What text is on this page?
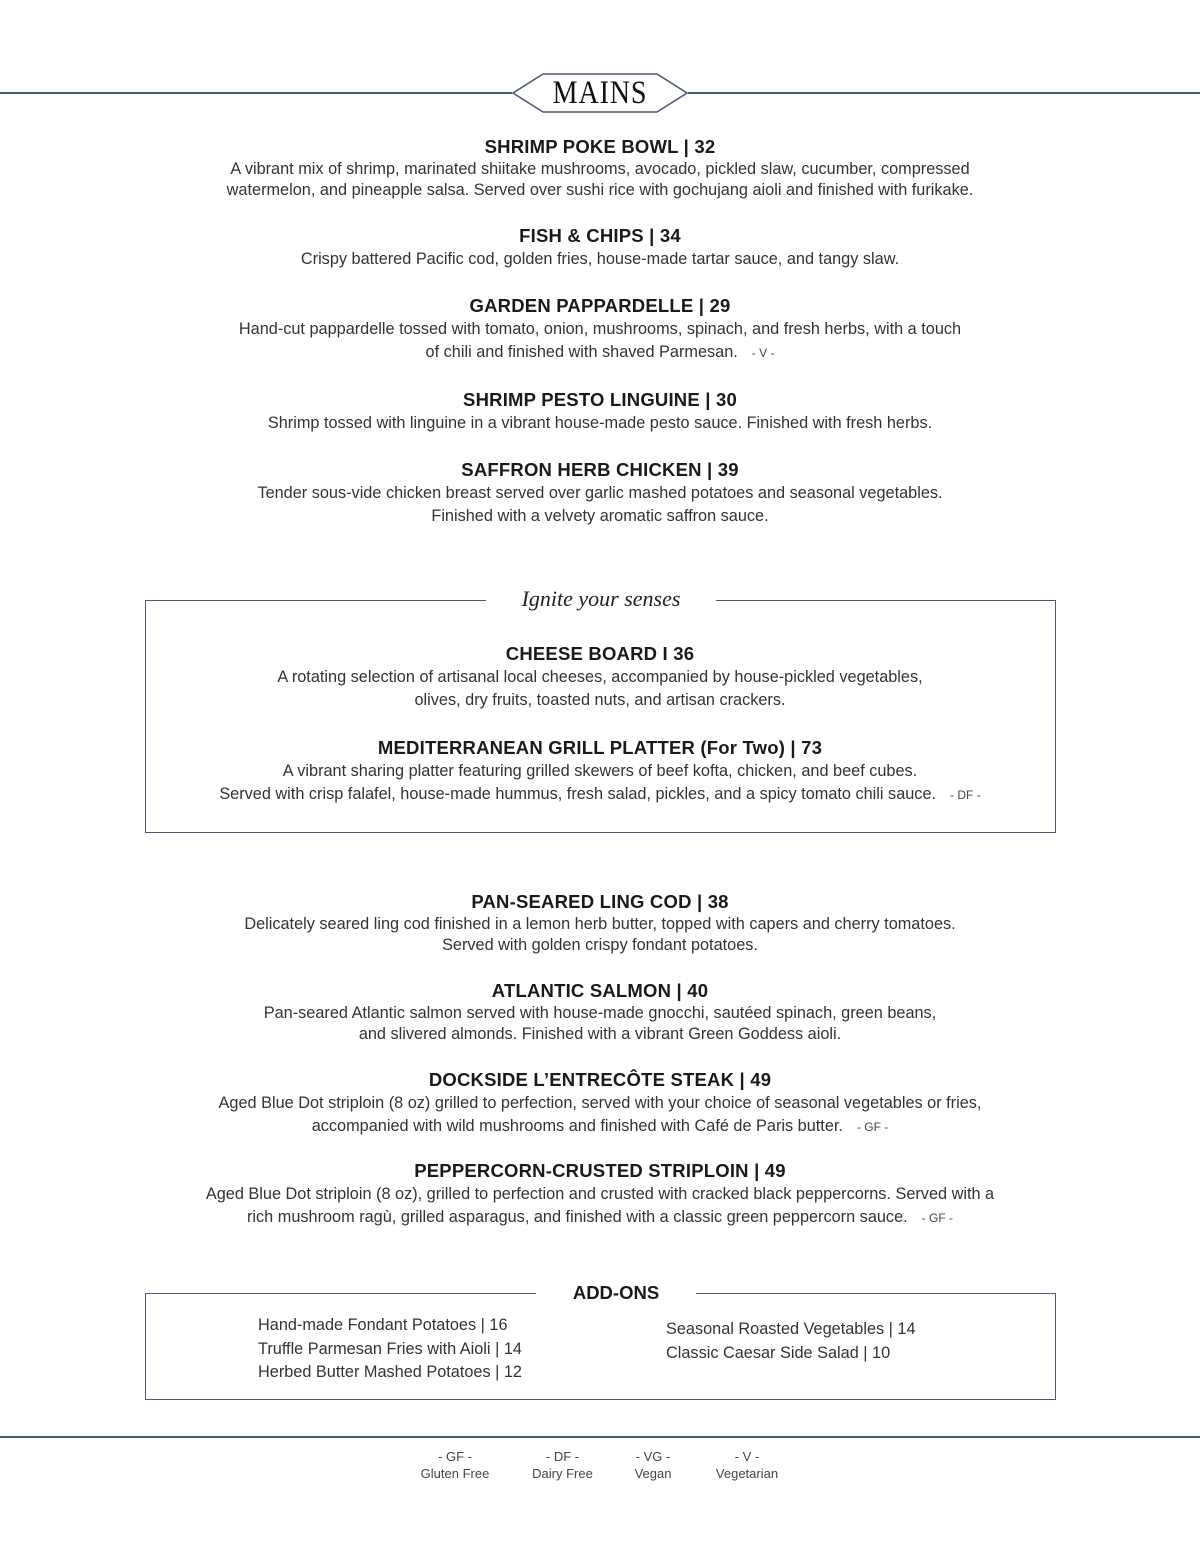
MAINS
SHRIMP POKE BOWL | 32
A vibrant mix of shrimp, marinated shiitake mushrooms, avocado, pickled slaw, cucumber, compressed
watermelon, and pineapple salsa. Served over sushi rice with gochujang aioli and finished with furikake.
FISH & CHIPS | 34
Crispy battered Pacific cod, golden fries, house-made tartar sauce, and tangy slaw.
GARDEN PAPPARDELLE | 29
Hand-cut pappardelle tossed with tomato, onion, mushrooms, spinach, and fresh herbs, with a touch
of chili and finished with shaved Parmesan. - V -
SHRIMP PESTO LINGUINE | 30
Shrimp tossed with linguine in a vibrant house-made pesto sauce. Finished with fresh herbs.
SAFFRON HERB CHICKEN | 39
Tender sous-vide chicken breast served over garlic mashed potatoes and seasonal vegetables.
Finished with a velvety aromatic saffron sauce.
Ignite your senses
CHEESE BOARD I 36
A rotating selection of artisanal local cheeses, accompanied by house-pickled vegetables,
olives, dry fruits, toasted nuts, and artisan crackers.
MEDITERRANEAN GRILL PLATTER (For Two) | 73
A vibrant sharing platter featuring grilled skewers of beef kofta, chicken, and beef cubes.
Served with crisp falafel, house-made hummus, fresh salad, pickles, and a spicy tomato chili sauce. - DF -
PAN-SEARED LING COD | 38
Delicately seared ling cod finished in a lemon herb butter, topped with capers and cherry tomatoes.
Served with golden crispy fondant potatoes.
ATLANTIC SALMON | 40
Pan-seared Atlantic salmon served with house-made gnocchi, sautéed spinach, green beans,
and slivered almonds. Finished with a vibrant Green Goddess aioli.
DOCKSIDE L’ENTRECÔTE STEAK | 49
Aged Blue Dot striploin (8 oz) grilled to perfection, served with your choice of seasonal vegetables or fries,
accompanied with wild mushrooms and finished with Café de Paris butter. - GF -
PEPPERCORN-CRUSTED STRIPLOIN | 49
Aged Blue Dot striploin (8 oz), grilled to perfection and crusted with cracked black peppercorns. Served with a
rich mushroom ragù, grilled asparagus, and finished with a classic green peppercorn sauce. - GF -
ADD-ONS
Hand-made Fondant Potatoes | 16
Truffle Parmesan Fries with Aioli | 14
Herbed Butter Mashed Potatoes | 12
Seasonal Roasted Vegetables | 14
Classic Caesar Side Salad | 10
- GF -
Gluten Free
- DF -
Dairy Free
- VG -
Vegan
- V -
Vegetarian
